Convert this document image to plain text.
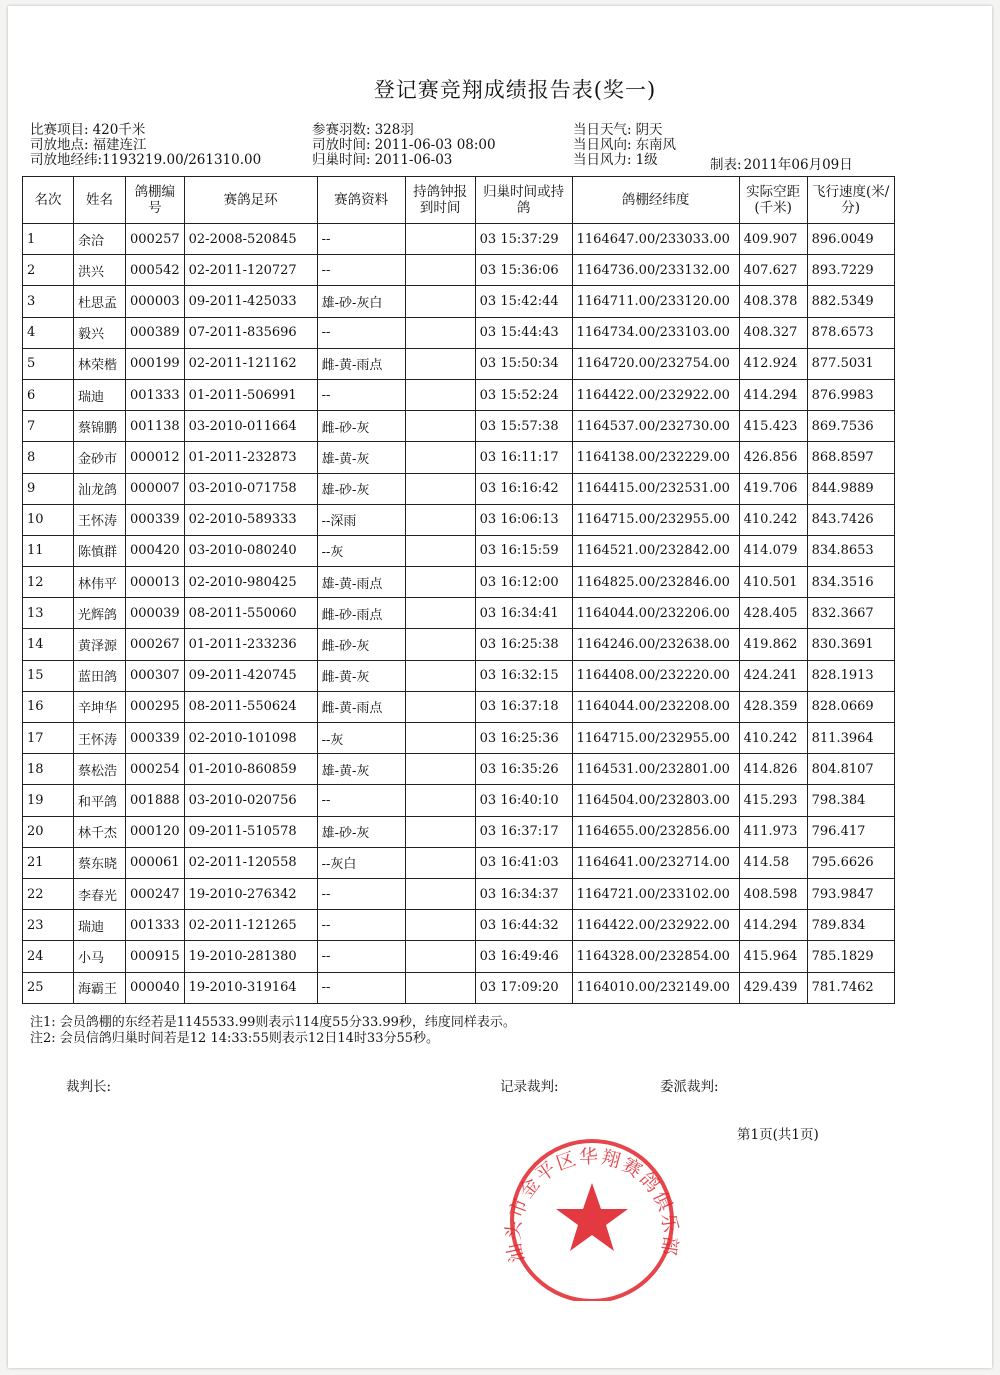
登记赛竞翔成绩报告表(奖一)
比赛项目: 420千米
司放地点: 福建连江
司放地经纬:1193219.00/261310.00
参赛羽数: 328羽
司放时间: 2011-06-03 08:00
归巢时间: 2011-06-03
当日天气: 阴天
当日风向: 东南风
当日风力: 1级	制表: 2011年06月09日
名次	姓名	鸽棚编号	赛鸽足环	赛鸽资料	持鸽钟报到时间	归巢时间或持鸽	鸽棚经纬度	实际空距(千米)	飞行速度(米/分)
1	余洽	000257	02-2008-520845	--		03 15:37:29	1164647.00/233033.00	409.907	896.0049
2	洪兴	000542	02-2011-120727	--		03 15:36:06	1164736.00/233132.00	407.627	893.7229
3	杜思孟	000003	09-2011-425033	雄-砂-灰白		03 15:42:44	1164711.00/233120.00	408.378	882.5349
4	毅兴	000389	07-2011-835696	--		03 15:44:43	1164734.00/233103.00	408.327	878.6573
5	林荣楷	000199	02-2011-121162	雌-黄-雨点		03 15:50:34	1164720.00/232754.00	412.924	877.5031
6	瑞迪	001333	01-2011-506991	--		03 15:52:24	1164422.00/232922.00	414.294	876.9983
7	蔡锦鹏	001138	03-2010-011664	雌-砂-灰		03 15:57:38	1164537.00/232730.00	415.423	869.7536
8	金砂市	000012	01-2011-232873	雄-黄-灰		03 16:11:17	1164138.00/232229.00	426.856	868.8597
9	汕龙鸽	000007	03-2010-071758	雄-砂-灰		03 16:16:42	1164415.00/232531.00	419.706	844.9889
10	王怀涛	000339	02-2010-589333	--深雨		03 16:06:13	1164715.00/232955.00	410.242	843.7426
11	陈慎群	000420	03-2010-080240	--灰		03 16:15:59	1164521.00/232842.00	414.079	834.8653
12	林伟平	000013	02-2010-980425	雄-黄-雨点		03 16:12:00	1164825.00/232846.00	410.501	834.3516
13	光辉鸽	000039	08-2011-550060	雌-砂-雨点		03 16:34:41	1164044.00/232206.00	428.405	832.3667
14	黄泽源	000267	01-2011-233236	雌-砂-灰		03 16:25:38	1164246.00/232638.00	419.862	830.3691
15	蓝田鸽	000307	09-2011-420745	雌-黄-灰		03 16:32:15	1164408.00/232220.00	424.241	828.1913
16	辛坤华	000295	08-2011-550624	雌-黄-雨点		03 16:37:18	1164044.00/232208.00	428.359	828.0669
17	王怀涛	000339	02-2010-101098	--灰		03 16:25:36	1164715.00/232955.00	410.242	811.3964
18	蔡松浩	000254	01-2010-860859	雄-黄-灰		03 16:35:26	1164531.00/232801.00	414.826	804.8107
19	和平鸽	001888	03-2010-020756	--		03 16:40:10	1164504.00/232803.00	415.293	798.384
20	林千杰	000120	09-2011-510578	雄-砂-灰		03 16:37:17	1164655.00/232856.00	411.973	796.417
21	蔡东晓	000061	02-2011-120558	--灰白		03 16:41:03	1164641.00/232714.00	414.58	795.6626
22	李春光	000247	19-2010-276342	--		03 16:34:37	1164721.00/233102.00	408.598	793.9847
23	瑞迪	001333	02-2011-121265	--		03 16:44:32	1164422.00/232922.00	414.294	789.834
24	小马	000915	19-2010-281380	--		03 16:49:46	1164328.00/232854.00	415.964	785.1829
25	海霸王	000040	19-2010-319164	--		03 17:09:20	1164010.00/232149.00	429.439	781.7462
注1: 会员鸽棚的东经若是1145533.99则表示114度55分33.99秒，纬度同样表示。
注2: 会员信鸽归巢时间若是12 14:33:55则表示12日14时33分55秒。
裁判长:	记录裁判:	委派裁判:
第1页(共1页)
汕头市金平区华翔赛鸽俱乐部
